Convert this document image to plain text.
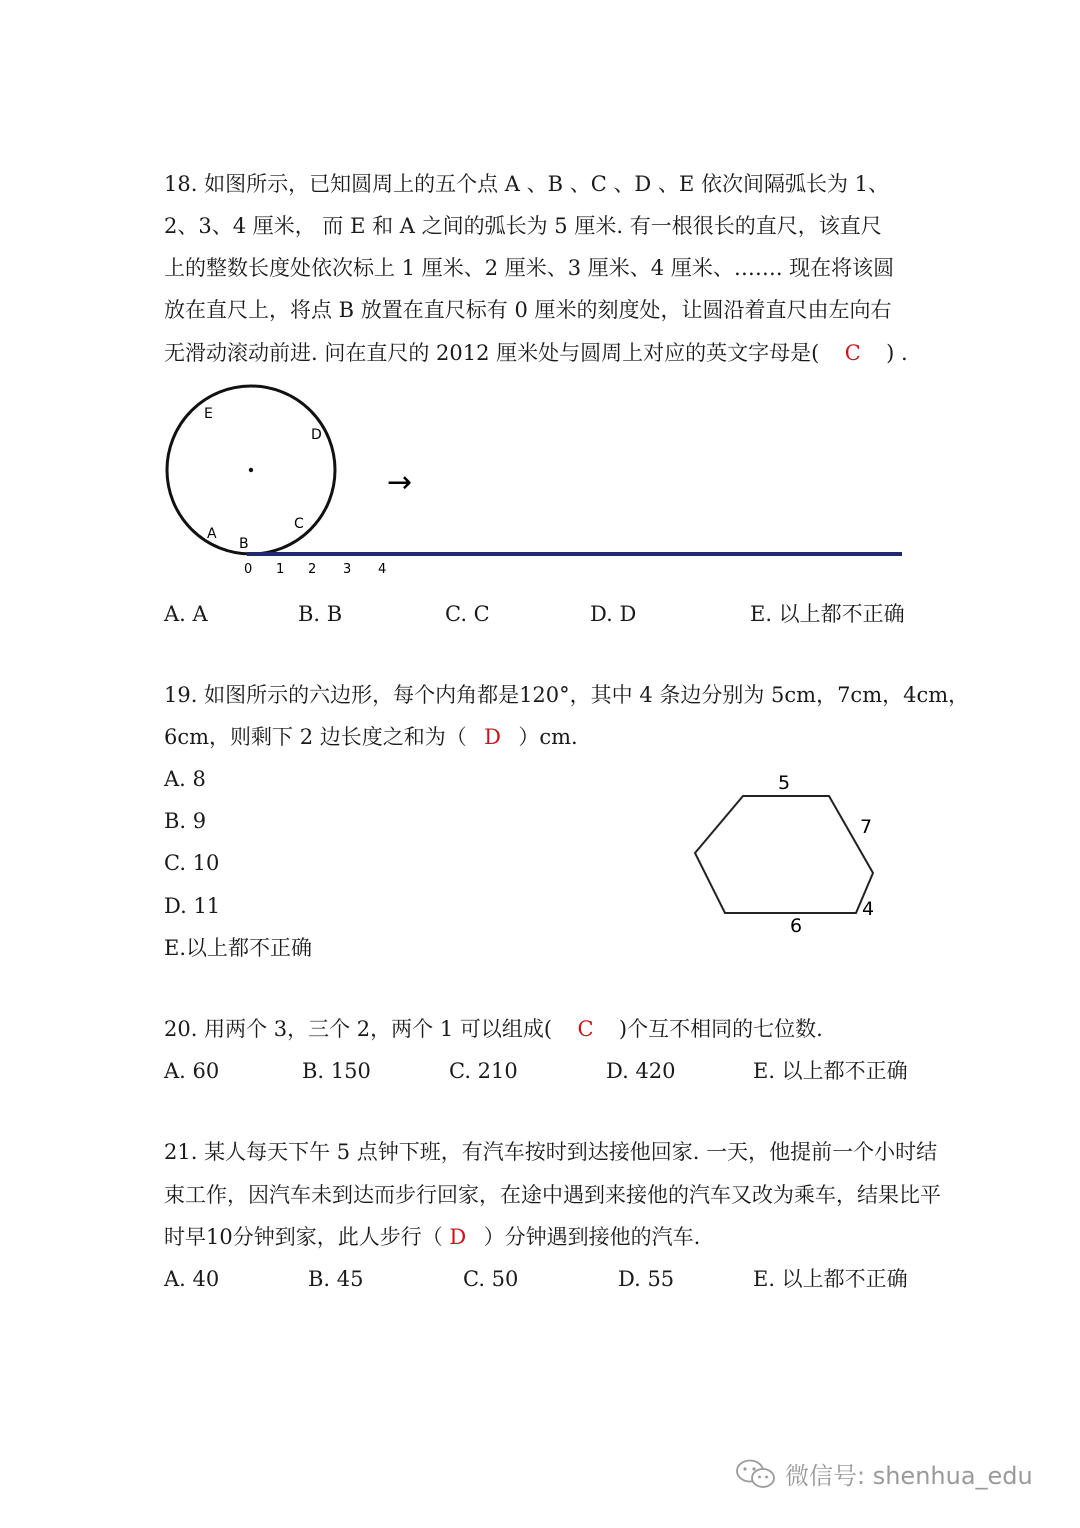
18. 如图所示，已知圆周上的五个点 A 、B 、C 、D 、E 依次间隔弧长为 1、
2、3、4 厘米， 而 E 和 A 之间的弧长为 5 厘米. 有一根很长的直尺，该直尺
上的整数长度处依次标上 1 厘米、2 厘米、3 厘米、4 厘米、……. 现在将该圆
放在直尺上，将点 B 放置在直尺标有 0 厘米的刻度处，让圆沿着直尺由左向右
无滑动滚动前进. 问在直尺的 2012 厘米处与圆周上对应的英文字母是( C ) .
E
D
C
A
B
0 1 2 3 4
→
A. A	B. B	C. C	D. D	E. 以上都不正确
19. 如图所示的六边形，每个内角都是120°，其中 4 条边分别为 5cm，7cm，4cm，
6cm，则剩下 2 边长度之和为（ D ）cm.
A. 8
B. 9
C. 10
D. 11
E.以上都不正确
5
7
4
6
20. 用两个 3，三个 2，两个 1 可以组成( C )个互不相同的七位数.
A. 60	B. 150	C. 210	D. 420	E. 以上都不正确
21. 某人每天下午 5 点钟下班，有汽车按时到达接他回家. 一天，他提前一个小时结
束工作，因汽车未到达而步行回家，在途中遇到来接他的汽车又改为乘车，结果比平
时早10分钟到家，此人步行（ D ）分钟遇到接他的汽车.
A. 40	B. 45	C. 50	D. 55	E. 以上都不正确
微信号: shenhua_edu
